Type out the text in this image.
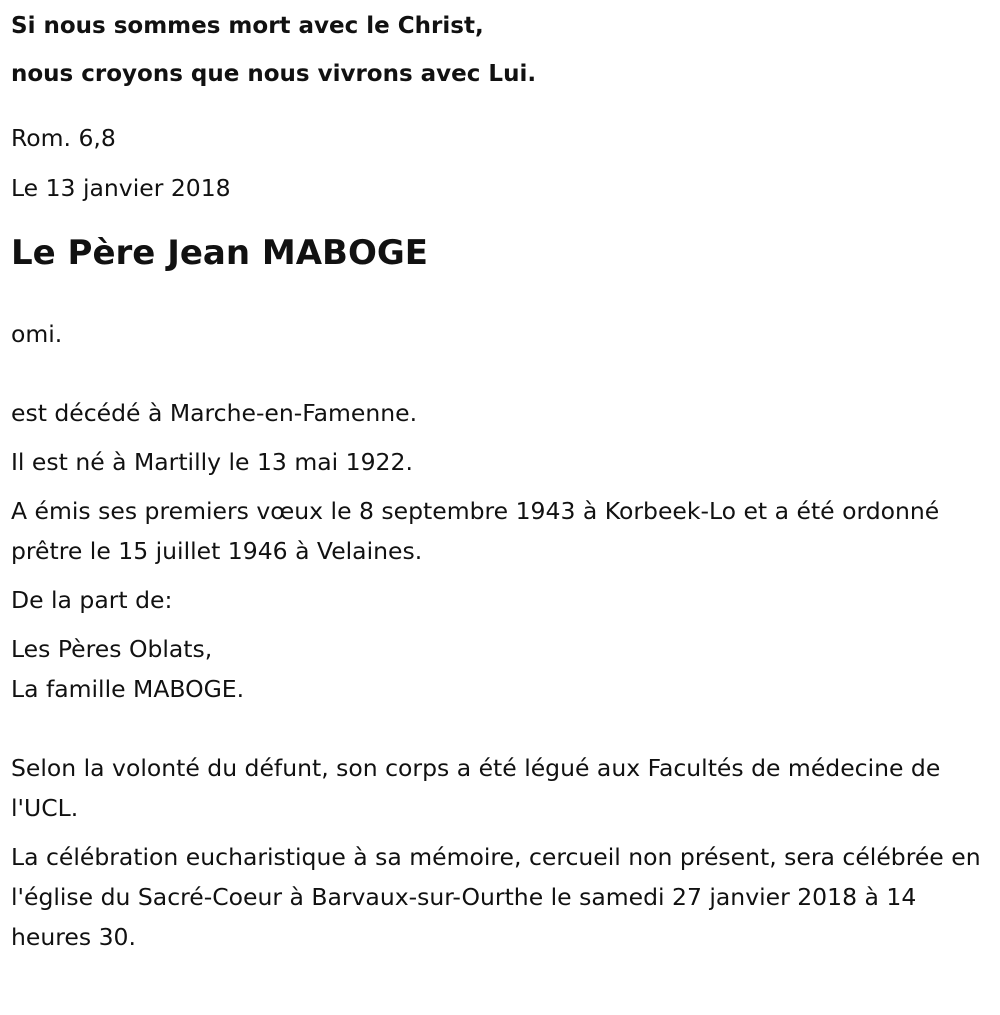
Si nous sommes mort avec le Christ,

nous croyons que nous vivrons avec Lui.

Rom. 6,8

Le 13 janvier 2018

Le Père Jean MABOGE

omi.

est décédé à Marche-en-Famenne.

Il est né à Martilly le 13 mai 1922.

A émis ses premiers vœux le 8 septembre 1943 à Korbeek-Lo et a été ordonné prêtre le 15 juillet 1946 à Velaines.

De la part de:

Les Pères Oblats,

La famille MABOGE.

Selon la volonté du défunt, son corps a été légué aux Facultés de médecine de l'UCL.

La célébration eucharistique à sa mémoire, cercueil non présent, sera célébrée en l'église du Sacré-Coeur à Barvaux-sur-Ourthe le samedi 27 janvier 2018 à 14 heures 30.
